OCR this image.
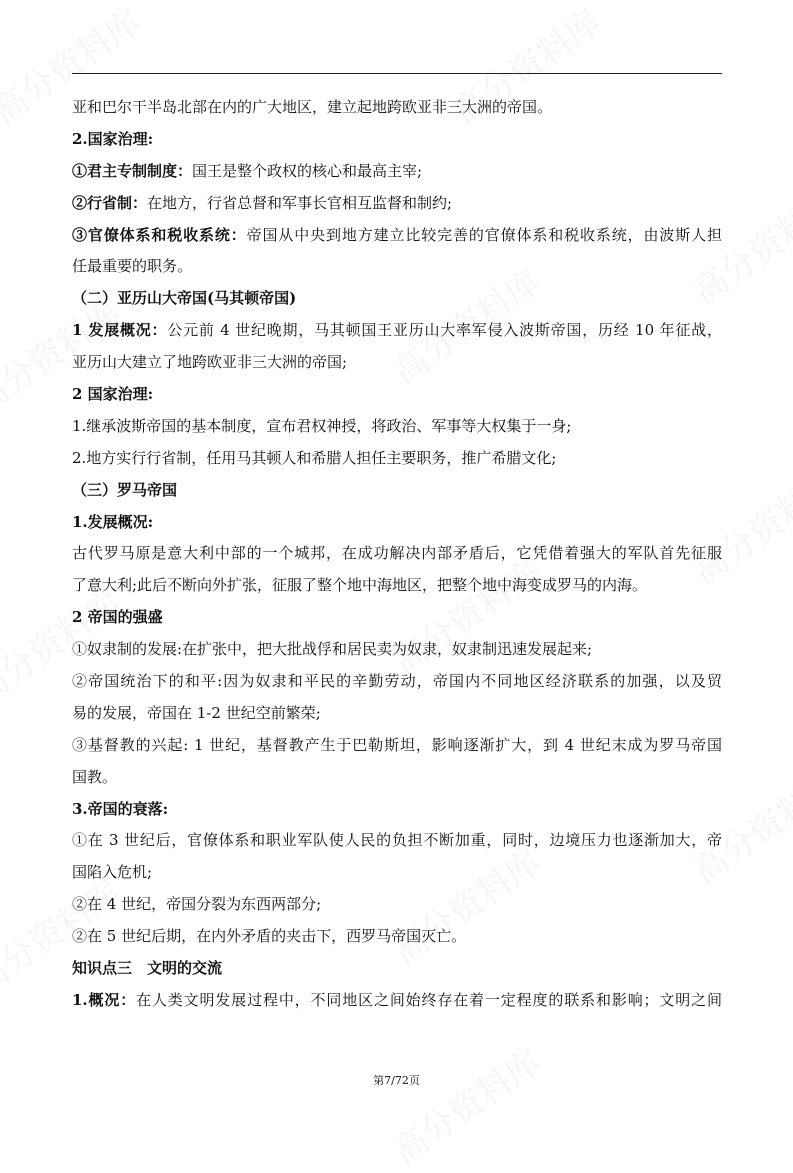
亚和巴尔干半岛北部在内的广大地区，建立起地跨欧亚非三大洲的帝国。
2.国家治理:
①君主专制制度：国王是整个政权的核心和最高主宰;
②行省制：在地方，行省总督和军事长官相互监督和制约;
③官僚体系和税收系统：帝国从中央到地方建立比较完善的官僚体系和税收系统，由波斯人担
任最重要的职务。
（二）亚历山大帝国(马其顿帝国)
1 发展概况：公元前 4 世纪晚期，马其顿国王亚历山大率军侵入波斯帝国，历经 10 年征战，
亚历山大建立了地跨欧亚非三大洲的帝国;
2 国家治理:
1.继承波斯帝国的基本制度，宣布君权神授，将政治、军事等大权集于一身;
2.地方实行行省制，任用马其顿人和希腊人担任主要职务，推广希腊文化;
（三）罗马帝国
1.发展概况:
古代罗马原是意大利中部的一个城邦，在成功解决内部矛盾后，它凭借着强大的军队首先征服
了意大利;此后不断向外扩张，征服了整个地中海地区，把整个地中海变成罗马的内海。
2 帝国的强盛
①奴隶制的发展:在扩张中，把大批战俘和居民卖为奴隶，奴隶制迅速发展起来;
②帝国统治下的和平:因为奴隶和平民的辛勤劳动，帝国内不同地区经济联系的加强，以及贸
易的发展，帝国在 1-2 世纪空前繁荣;
③基督教的兴起: 1 世纪，基督教产生于巴勒斯坦，影响逐渐扩大，到 4 世纪末成为罗马帝国
国教。
3.帝国的衰落:
①在 3 世纪后，官僚体系和职业军队使人民的负担不断加重，同时，边境压力也逐渐加大，帝
国陷入危机;
②在 4 世纪，帝国分裂为东西两部分;
②在 5 世纪后期，在内外矛盾的夹击下，西罗马帝国灭亡。
知识点三　文明的交流
1.概况：在人类文明发展过程中，不同地区之间始终存在着一定程度的联系和影响；文明之间
第7/72页
